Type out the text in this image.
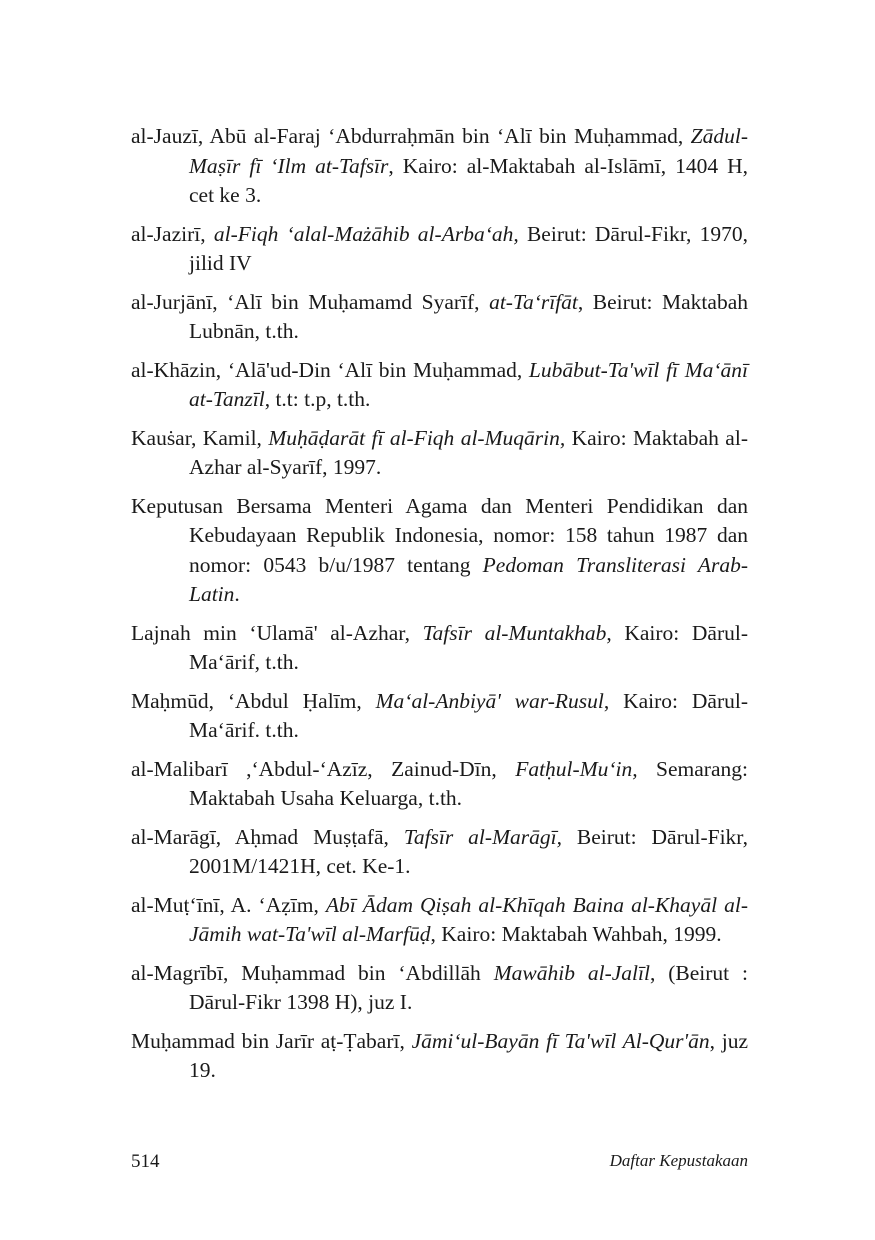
al-Jauzī, Abū al-Faraj ‘Abdurraḥmān bin ‘Alī bin Muḥammad, Zādul-Maṣīr fī ‘Ilm at-Tafsīr, Kairo: al-Maktabah al-Islāmī, 1404 H, cet ke 3.

al-Jazirī, al-Fiqh ‘alal-Mażāhib al-Arba‘ah, Beirut: Dārul-Fikr, 1970, jilid IV

al-Jurjānī, ‘Alī bin Muḥamamd Syarīf, at-Ta‘rīfāt, Beirut: Maktabah Lubnān, t.th.

al-Khāzin, ‘Alā'ud-Din ‘Alī bin Muḥammad, Lubābut-Ta'wīl fī Ma‘ānī at-Tanzīl, t.t: t.p, t.th.

Kauṡar, Kamil, Muḥāḍarāt fī al-Fiqh al-Muqārin, Kairo: Maktabah al-Azhar al-Syarīf, 1997.

Keputusan Bersama Menteri Agama dan Menteri Pendidikan dan Kebudayaan Republik Indonesia, nomor: 158 tahun 1987 dan nomor: 0543 b/u/1987 tentang Pedoman Transliterasi Arab-Latin.

Lajnah min ‘Ulamā' al-Azhar, Tafsīr al-Muntakhab, Kairo: Dārul-Ma‘ārif, t.th.

Maḥmūd, ‘Abdul Ḥalīm, Ma‘al-Anbiyā' war-Rusul, Kairo: Dārul-Ma‘ārif. t.th.

al-Malibarī ,‘Abdul-‘Azīz, Zainud-Dīn, Fatḥul-Mu‘in, Semarang: Maktabah Usaha Keluarga, t.th.

al-Marāgī, Aḥmad Muṣṭafā, Tafsīr al-Marāgī, Beirut: Dārul-Fikr, 2001M/1421H, cet. Ke-1.

al-Muṭ‘īnī, A. ‘Aẓīm, Abī Ādam Qiṣah al-Khīqah Baina al-Khayāl al-Jāmih wat-Ta'wīl al-Marfūḍ, Kairo: Maktabah Wahbah, 1999.

al-Magrībī, Muḥammad bin ‘Abdillāh Mawāhib al-Jalīl, (Beirut : Dārul-Fikr 1398 H), juz I.

Muḥammad bin Jarīr aṭ-Ṭabarī, Jāmi‘ul-Bayān fī Ta'wīl Al-Qur'ān, juz 19.

514	Daftar Kepustakaan
